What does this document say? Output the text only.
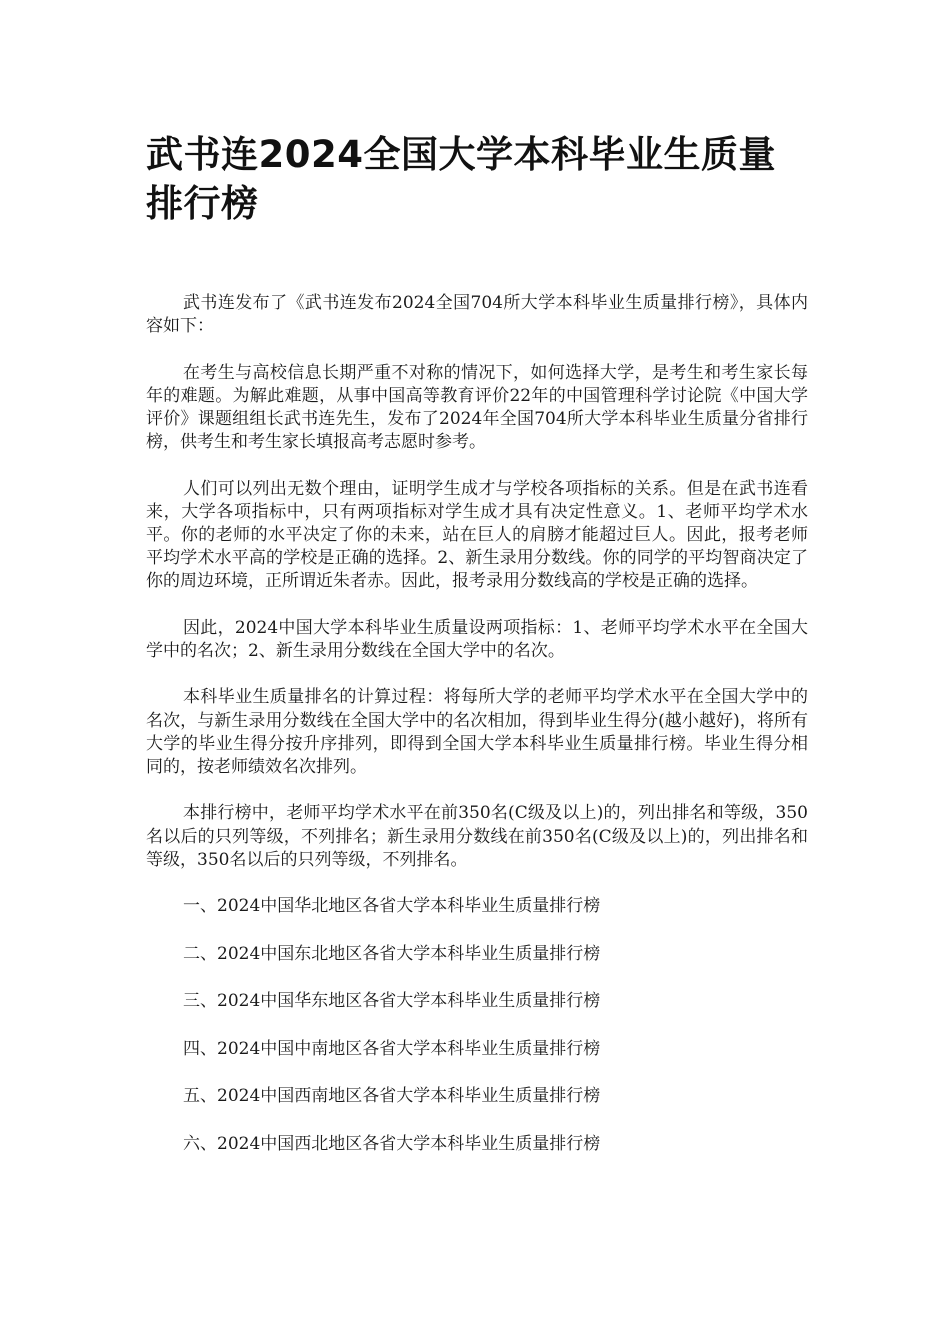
武书连2024全国大学本科毕业生质量排行榜

武书连发布了《武书连发布2024全国704所大学本科毕业生质量排行榜》，具体内容如下：

在考生与高校信息长期严重不对称的情况下，如何选择大学，是考生和考生家长每年的难题。为解此难题，从事中国高等教育评价22年的中国管理科学讨论院《中国大学评价》课题组组长武书连先生，发布了2024年全国704所大学本科毕业生质量分省排行榜，供考生和考生家长填报高考志愿时参考。

人们可以列出无数个理由，证明学生成才与学校各项指标的关系。但是在武书连看来，大学各项指标中，只有两项指标对学生成才具有决定性意义。1、老师平均学术水平。你的老师的水平决定了你的未来，站在巨人的肩膀才能超过巨人。因此，报考老师平均学术水平高的学校是正确的选择。2、新生录用分数线。你的同学的平均智商决定了你的周边环境，正所谓近朱者赤。因此，报考录用分数线高的学校是正确的选择。

因此，2024中国大学本科毕业生质量设两项指标：1、老师平均学术水平在全国大学中的名次；2、新生录用分数线在全国大学中的名次。

本科毕业生质量排名的计算过程：将每所大学的老师平均学术水平在全国大学中的名次，与新生录用分数线在全国大学中的名次相加，得到毕业生得分(越小越好)，将所有大学的毕业生得分按升序排列，即得到全国大学本科毕业生质量排行榜。毕业生得分相同的，按老师绩效名次排列。

本排行榜中，老师平均学术水平在前350名(C级及以上)的，列出排名和等级，350名以后的只列等级，不列排名；新生录用分数线在前350名(C级及以上)的，列出排名和等级，350名以后的只列等级，不列排名。

一、2024中国华北地区各省大学本科毕业生质量排行榜

二、2024中国东北地区各省大学本科毕业生质量排行榜

三、2024中国华东地区各省大学本科毕业生质量排行榜

四、2024中国中南地区各省大学本科毕业生质量排行榜

五、2024中国西南地区各省大学本科毕业生质量排行榜

六、2024中国西北地区各省大学本科毕业生质量排行榜
